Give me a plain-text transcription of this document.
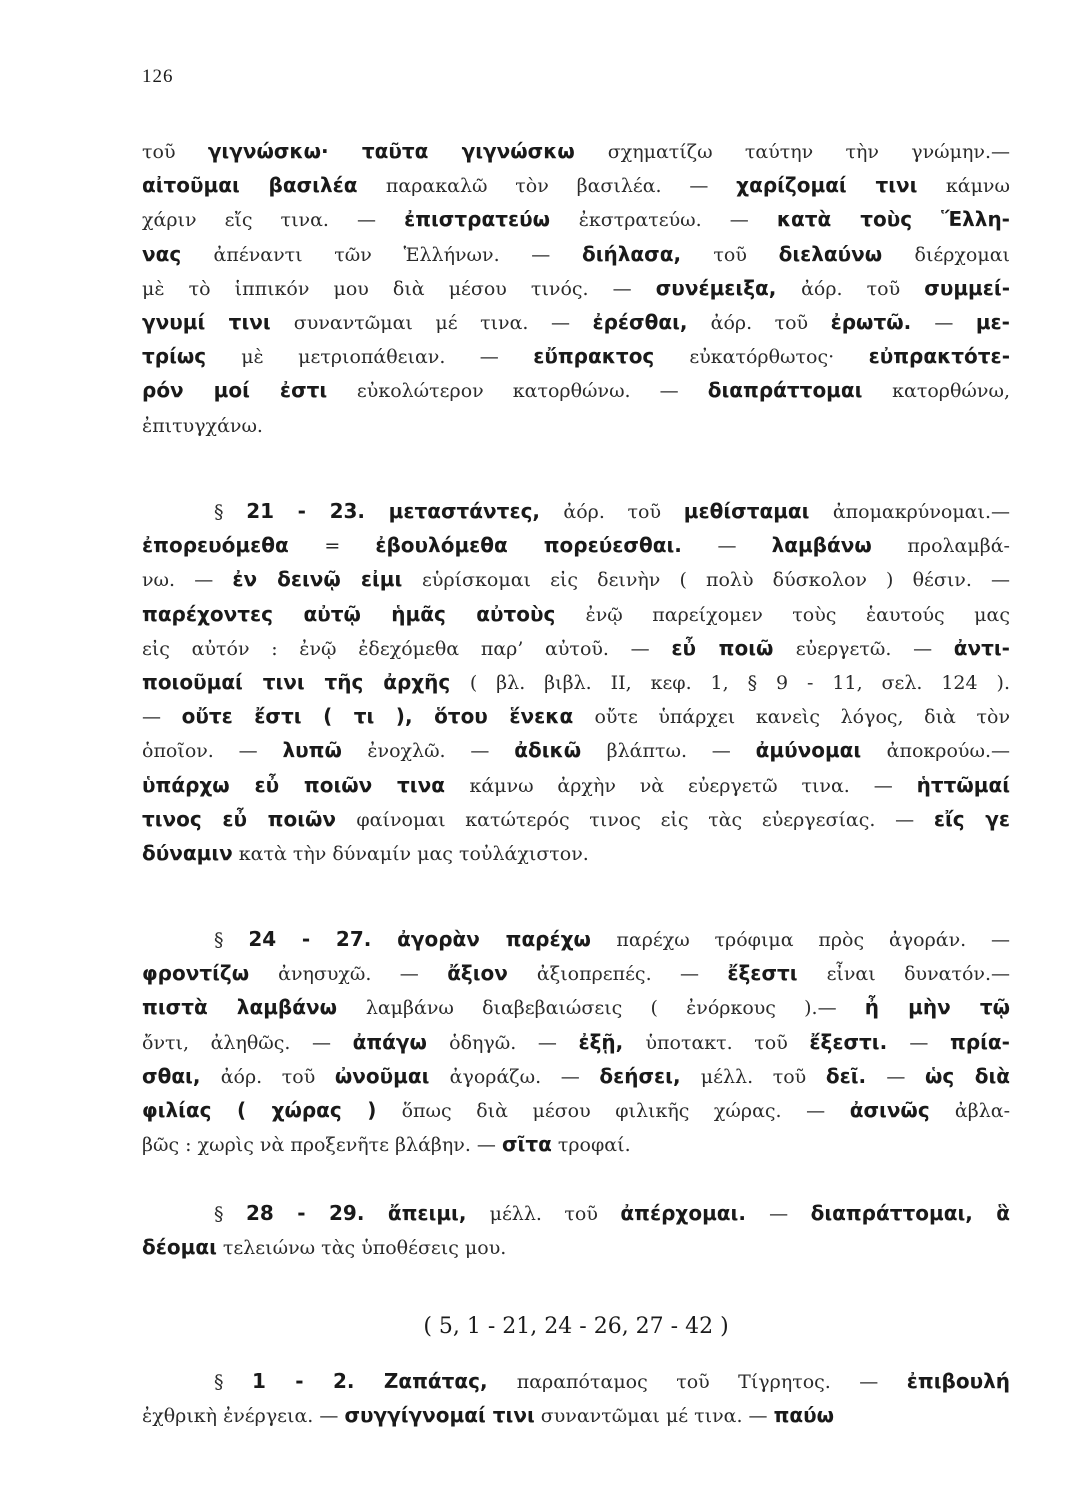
126
τοῦ γιγνώσκω· ταῦτα γιγνώσκω σχηματίζω ταύτην τὴν γνώμην.—
αἰτοῦμαι βασιλέα παρακαλῶ τὸν βασιλέα. — χαρίζομαί τινι κάμνω
χάριν εἴς τινα. — ἐπιστρατεύω ἐκστρατεύω. — κατὰ τοὺς Ἕλλη-
νας ἀπέναντι τῶν Ἑλλήνων. — διήλασα, τοῦ διελαύνω διέρχομαι
μὲ τὸ ἱππικόν μου διὰ μέσου τινός. — συνέμειξα, ἀόρ. τοῦ συμμεί-
γνυμί τινι συναντῶμαι μέ τινα. — ἐρέσθαι, ἀόρ. τοῦ ἐρωτῶ. — με-
τρίως μὲ μετριοπάθειαν. — εὔπρακτος εὐκατόρθωτος· εὐπρακτότε-
ρόν μοί ἐστι εὐκολώτερον κατορθώνω. — διαπράττομαι κατορθώνω,
ἐπιτυγχάνω.
§ 21 - 23. μεταστάντες, ἀόρ. τοῦ μεθίσταμαι ἀπομακρύνομαι.—
ἐπορευόμεθα = ἐβουλόμεθα πορεύεσθαι. — λαμβάνω προλαμβά-
νω. — ἐν δεινῷ εἰμι εὑρίσκομαι εἰς δεινὴν ( πολὺ δύσκολον ) θέσιν. —
παρέχοντες αὐτῷ ἡμᾶς αὐτοὺς ἐνῷ παρείχομεν τοὺς ἑαυτούς μας
εἰς αὐτόν : ἐνῷ ἐδεχόμεθα παρ’ αὐτοῦ. — εὖ ποιῶ εὐεργετῶ. — ἀντι-
ποιοῦμαί τινι τῆς ἀρχῆς ( βλ. βιβλ. II, κεφ. 1, § 9 - 11, σελ. 124 ).
— οὔτε ἔστι ( τι ), ὅτου ἕνεκα οὔτε ὑπάρχει κανεὶς λόγος, διὰ τὸν
ὁποῖον. — λυπῶ ἐνοχλῶ. — ἀδικῶ βλάπτω. — ἀμύνομαι ἀποκρούω.—
ὑπάρχω εὖ ποιῶν τινα κάμνω ἀρχὴν νὰ εὐεργετῶ τινα. — ἡττῶμαί
τινος εὖ ποιῶν φαίνομαι κατώτερός τινος εἰς τὰς εὐεργεσίας. — εἴς γε
δύναμιν κατὰ τὴν δύναμίν μας τοὐλάχιστον.
§ 24 - 27. ἀγορὰν παρέχω παρέχω τρόφιμα πρὸς ἀγοράν. —
φροντίζω ἀνησυχῶ. — ἄξιον ἀξιοπρεπές. — ἔξεστι εἶναι δυνατόν.—
πιστὰ λαμβάνω λαμβάνω διαβεβαιώσεις ( ἐνόρκους ).— ἦ μὴν τῷ
ὄντι, ἀληθῶς. — ἀπάγω ὁδηγῶ. — ἐξῇ, ὑποτακτ. τοῦ ἔξεστι. — πρία-
σθαι, ἀόρ. τοῦ ὠνοῦμαι ἀγοράζω. — δεήσει, μέλλ. τοῦ δεῖ. — ὡς διὰ
φιλίας ( χώρας ) ὅπως διὰ μέσου φιλικῆς χώρας. — ἀσινῶς ἀβλα-
βῶς : χωρὶς νὰ προξενῆτε βλάβην. — σῖτα τροφαί.
§ 28 - 29. ἄπειμι, μέλλ. τοῦ ἀπέρχομαι. — διαπράττομαι, ἃ
δέομαι τελειώνω τὰς ὑποθέσεις μου.
( 5, 1 - 21, 24 - 26, 27 - 42 )
§ 1 - 2. Ζαπάτας, παραπόταμος τοῦ Τίγρητος. — ἐπιβουλή
ἐχθρικὴ ἐνέργεια. — συγγίγνομαί τινι συναντῶμαι μέ τινα. — παύω
